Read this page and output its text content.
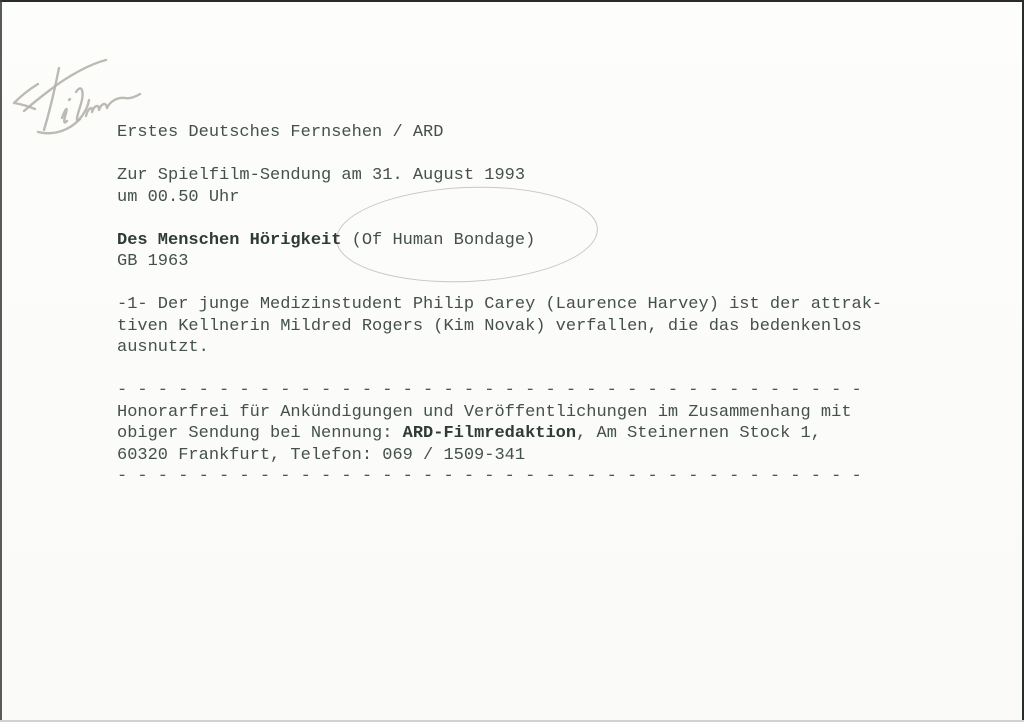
Erstes Deutsches Fernsehen / ARD
Zur Spielfilm-Sendung am 31. August 1993
um 00.50 Uhr
Des Menschen Hörigkeit (Of Human Bondage)
GB 1963
-1- Der junge Medizinstudent Philip Carey (Laurence Harvey) ist der attrak-
tiven Kellnerin Mildred Rogers (Kim Novak) verfallen, die das bedenkenlos
ausnutzt.
- - - - - - - - - - - - - - - - - - - - - - - - - - - - - - - - - - - - -
Honorarfrei für Ankündigungen und Veröffentlichungen im Zusammenhang mit
obiger Sendung bei Nennung: ARD-Filmredaktion, Am Steinernen Stock 1,
60320 Frankfurt, Telefon: 069 / 1509-341
- - - - - - - - - - - - - - - - - - - - - - - - - - - - - - - - - - - - -
